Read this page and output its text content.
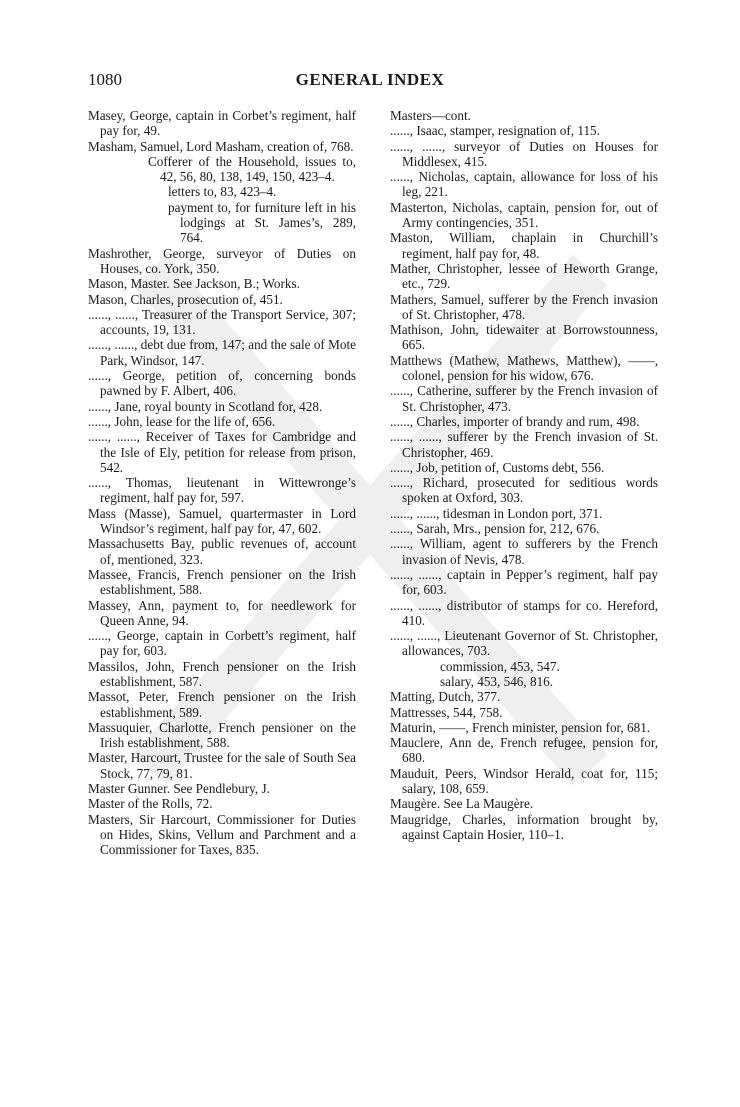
1080	GENERAL INDEX

Masey, George, captain in Corbet’s regiment, half pay for, 49.

Masham, Samuel, Lord Masham, creation of, 768.

Cofferer of the Household, issues to, 42, 56, 80, 138, 149, 150, 423–4.

letters to, 83, 423–4.

payment to, for furniture left in his lodgings at St. James’s, 289, 764.

Mashrother, George, surveyor of Duties on Houses, co. York, 350.

Mason, Master. See Jackson, B.; Works.

Mason, Charles, prosecution of, 451.

......, ......, Treasurer of the Transport Service, 307; accounts, 19, 131.

......, ......, debt due from, 147; and the sale of Mote Park, Windsor, 147.

......, George, petition of, concerning bonds pawned by F. Albert, 406.

......, Jane, royal bounty in Scotland for, 428.

......, John, lease for the life of, 656.

......, ......, Receiver of Taxes for Cambridge and the Isle of Ely, petition for release from prison, 542.

......, Thomas, lieutenant in Wittewronge’s regiment, half pay for, 597.

Mass (Masse), Samuel, quartermaster in Lord Windsor’s regiment, half pay for, 47, 602.

Massachusetts Bay, public revenues of, account of, mentioned, 323.

Massee, Francis, French pensioner on the Irish establishment, 588.

Massey, Ann, payment to, for needlework for Queen Anne, 94.

......, George, captain in Corbett’s regiment, half pay for, 603.

Massilos, John, French pensioner on the Irish establishment, 587.

Massot, Peter, French pensioner on the Irish establishment, 589.

Massuquier, Charlotte, French pensioner on the Irish establishment, 588.

Master, Harcourt, Trustee for the sale of South Sea Stock, 77, 79, 81.

Master Gunner. See Pendlebury, J.

Master of the Rolls, 72.

Masters, Sir Harcourt, Commissioner for Duties on Hides, Skins, Vellum and Parchment and a Commissioner for Taxes, 835.

Masters—cont.

......, Isaac, stamper, resignation of, 115.

......, ......, surveyor of Duties on Houses for Middlesex, 415.

......, Nicholas, captain, allowance for loss of his leg, 221.

Masterton, Nicholas, captain, pension for, out of Army contingencies, 351.

Maston, William, chaplain in Churchill’s regiment, half pay for, 48.

Mather, Christopher, lessee of Heworth Grange, etc., 729.

Mathers, Samuel, sufferer by the French invasion of St. Christopher, 478.

Mathison, John, tidewaiter at Borrowstounness, 665.

Matthews (Mathew, Mathews, Matthew), ——, colonel, pension for his widow, 676.

......, Catherine, sufferer by the French invasion of St. Christopher, 473.

......, Charles, importer of brandy and rum, 498.

......, ......, sufferer by the French invasion of St. Christopher, 469.

......, Job, petition of, Customs debt, 556.

......, Richard, prosecuted for seditious words spoken at Oxford, 303.

......, ......, tidesman in London port, 371.

......, Sarah, Mrs., pension for, 212, 676.

......, William, agent to sufferers by the French invasion of Nevis, 478.

......, ......, captain in Pepper’s regiment, half pay for, 603.

......, ......, distributor of stamps for co. Hereford, 410.

......, ......, Lieutenant Governor of St. Christopher, allowances, 703.

commission, 453, 547.

salary, 453, 546, 816.

Matting, Dutch, 377.

Mattresses, 544, 758.

Maturin, ——, French minister, pension for, 681.

Mauclere, Ann de, French refugee, pension for, 680.

Mauduit, Peers, Windsor Herald, coat for, 115; salary, 108, 659.

Maugère. See La Maugère.

Maugridge, Charles, information brought by, against Captain Hosier, 110–1.
